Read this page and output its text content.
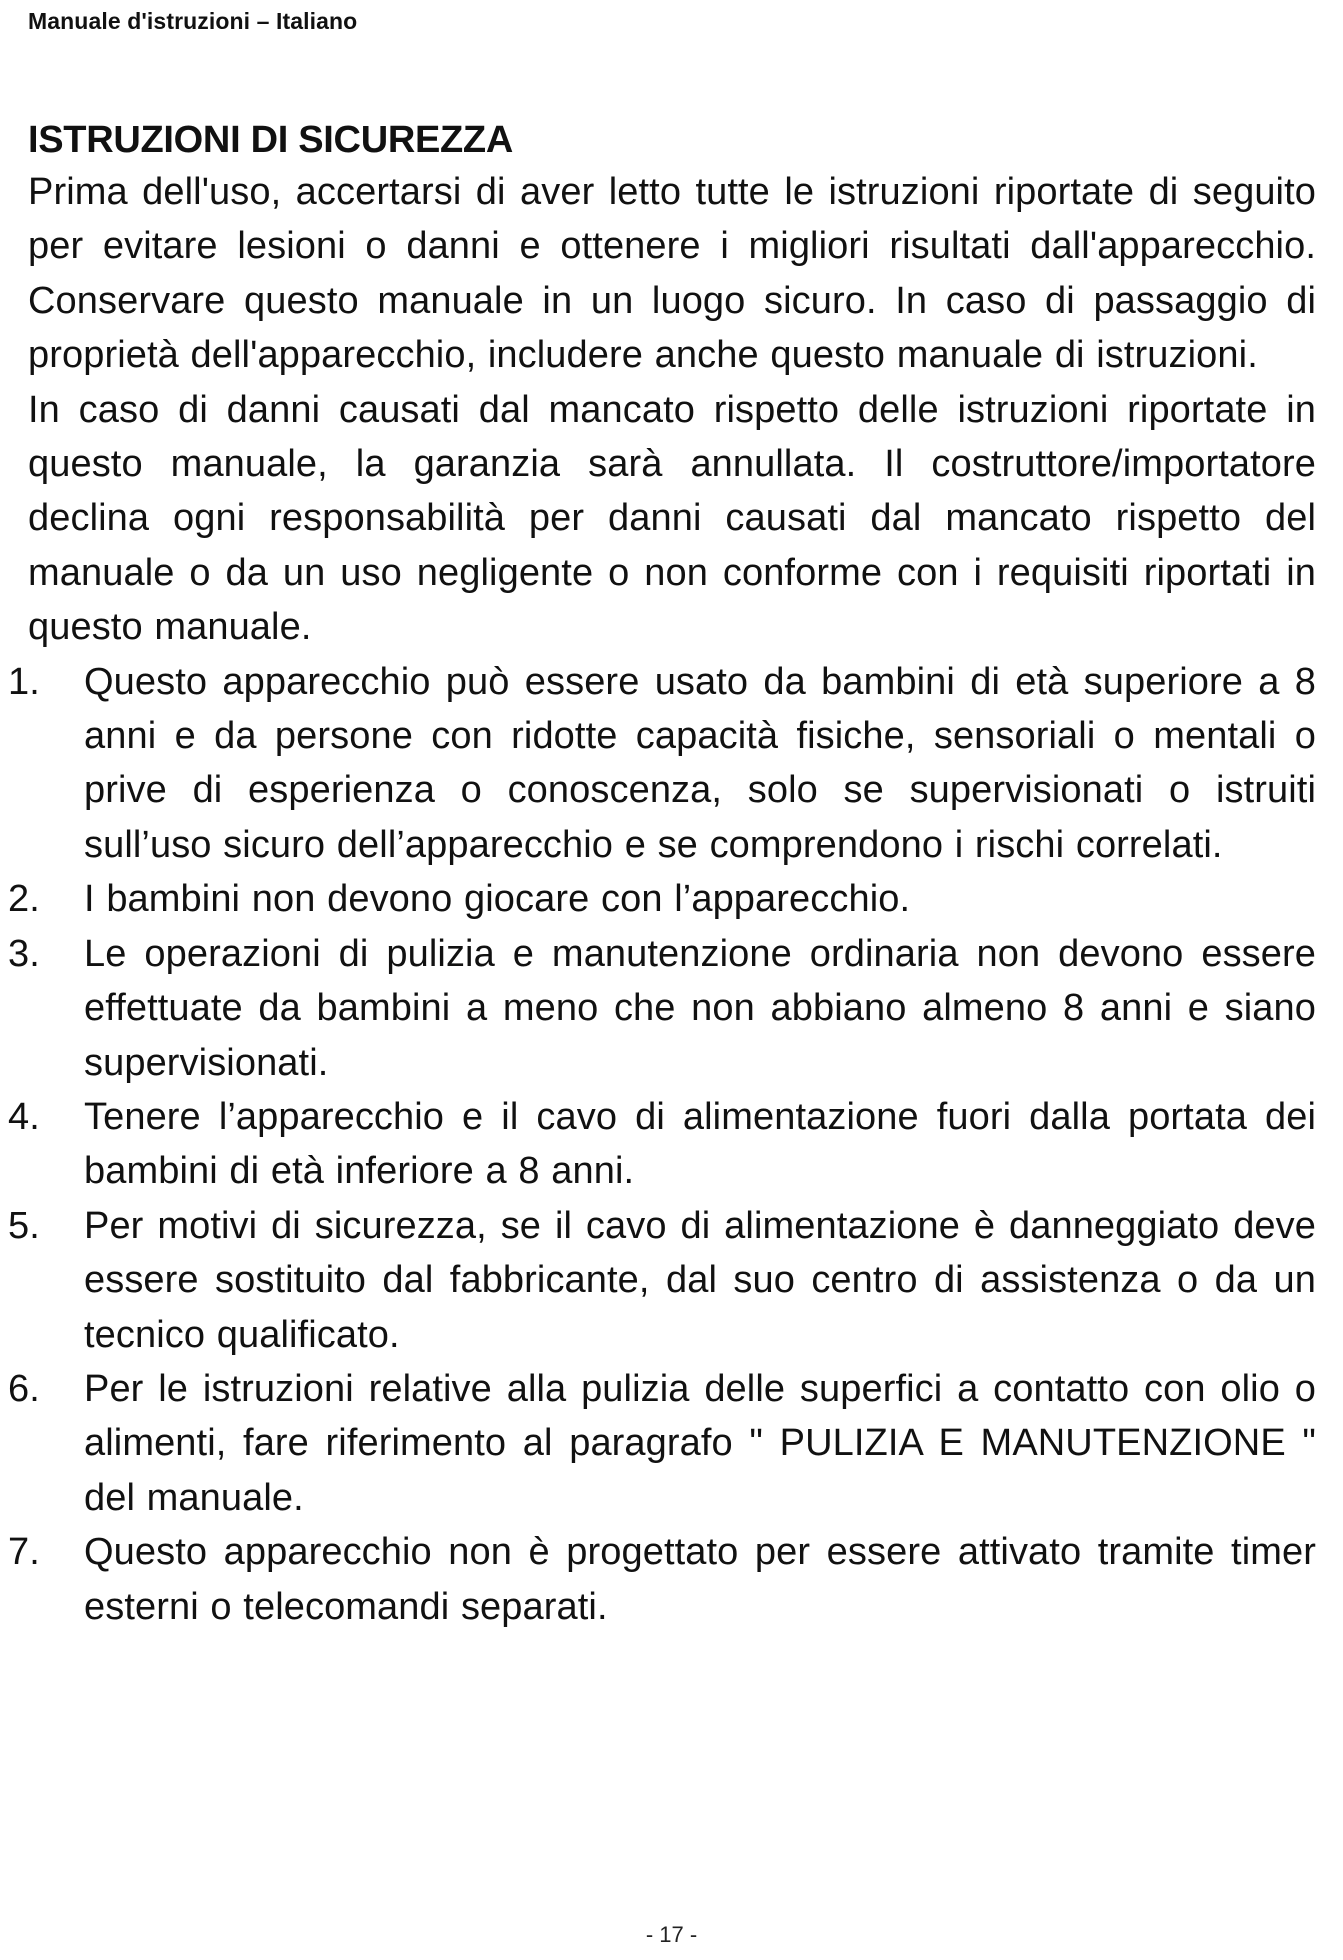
Manuale d'istruzioni – Italiano
ISTRUZIONI DI SICUREZZA

Prima dell'uso, accertarsi di aver letto tutte le istruzioni riportate di seguito per evitare lesioni o danni e ottenere i migliori risultati dall'apparecchio. Conservare questo manuale in un luogo sicuro. In caso di passaggio di proprietà dell'apparecchio, includere anche questo manuale di istruzioni.

In caso di danni causati dal mancato rispetto delle istruzioni riportate in questo manuale, la garanzia sarà annullata. Il costruttore/importatore declina ogni responsabilità per danni causati dal mancato rispetto del manuale o da un uso negligente o non conforme con i requisiti riportati in questo manuale.

1.	Questo apparecchio può essere usato da bambini di età superiore a 8 anni e da persone con ridotte capacità fisiche, sensoriali o mentali o prive di esperienza o conoscenza, solo se supervisionati o istruiti sull’uso sicuro dell’apparecchio e se comprendono i rischi correlati.
2.	I bambini non devono giocare con l’apparecchio.
3.	Le operazioni di pulizia e manutenzione ordinaria non devono essere effettuate da bambini a meno che non abbiano almeno 8 anni e siano supervisionati.
4.	Tenere l’apparecchio e il cavo di alimentazione fuori dalla portata dei bambini di età inferiore a 8 anni.
5.	Per motivi di sicurezza, se il cavo di alimentazione è danneggiato deve essere sostituito dal fabbricante, dal suo centro di assistenza o da un tecnico qualificato.
6.	Per le istruzioni relative alla pulizia delle superfici a contatto con olio o alimenti, fare riferimento al paragrafo " PULIZIA E MANUTENZIONE " del manuale.
7.	Questo apparecchio non è progettato per essere attivato tramite timer esterni o telecomandi separati.
- 17 -
